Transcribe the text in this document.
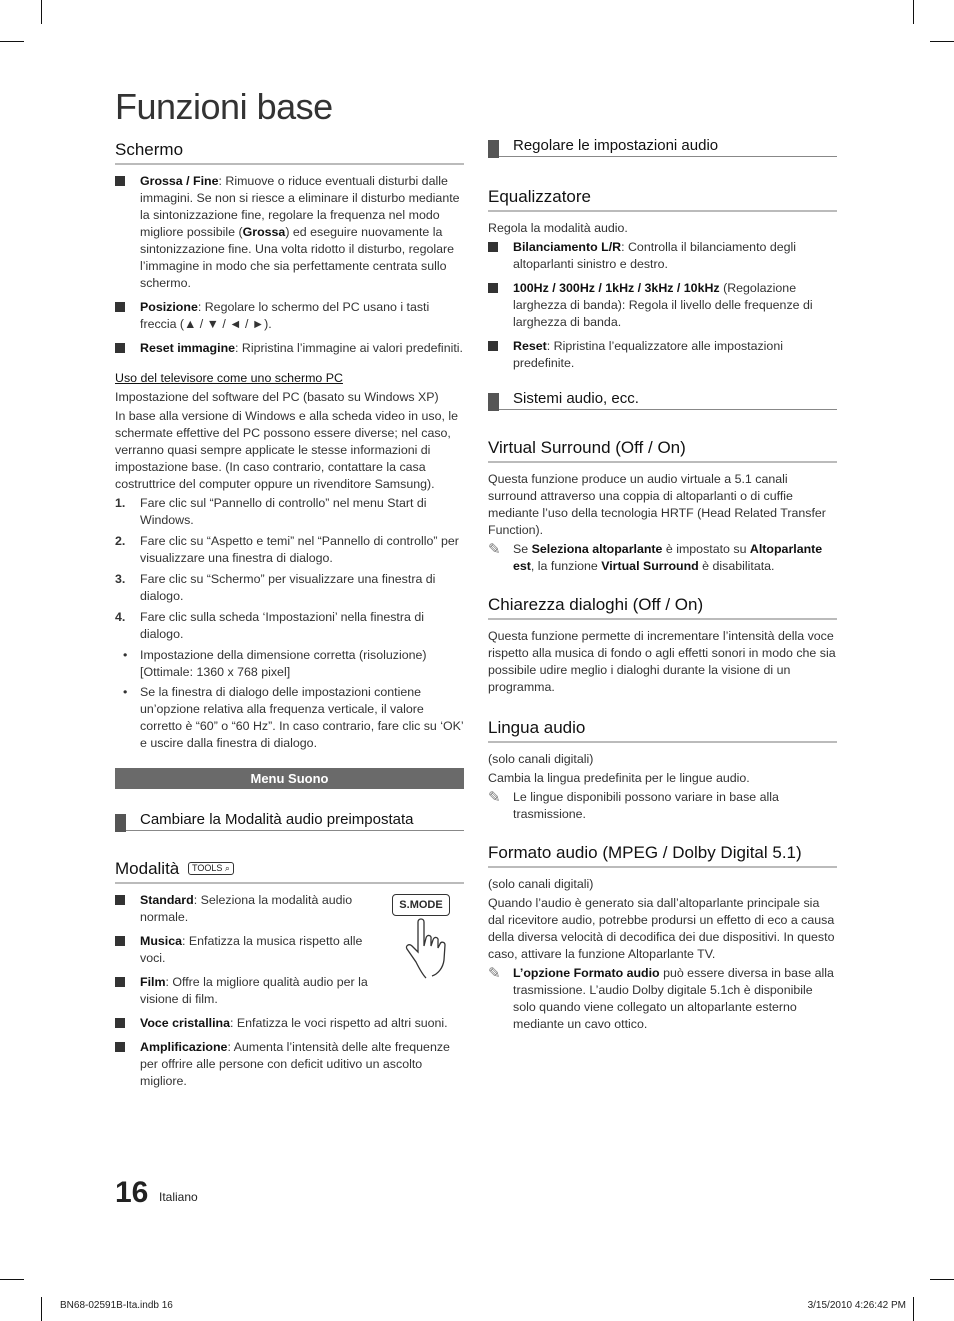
Funzioni base
Schermo
Grossa / Fine: Rimuove o riduce eventuali disturbi dalle immagini. Se non si riesce a eliminare il disturbo mediante la sintonizzazione fine, regolare la frequenza nel modo migliore possibile (Grossa) ed eseguire nuovamente la sintonizzazione fine. Una volta ridotto il disturbo, regolare l’immagine in modo che sia perfettamente centrata sullo schermo.
Posizione: Regolare lo schermo del PC usano i tasti freccia (▲ / ▼ / ◄ / ►).
Reset immagine: Ripristina l’immagine ai valori predefiniti.
Uso del televisore come uno schermo PC
Impostazione del software del PC (basato su Windows XP)
In base alla versione di Windows e alla scheda video in uso, le schermate effettive del PC possono essere diverse; nel caso, verranno quasi sempre applicate le stesse informazioni di impostazione base. (In caso contrario, contattare la casa costruttrice del computer oppure un rivenditore Samsung).
1. Fare clic sul “Pannello di controllo” nel menu Start di Windows.
2. Fare clic su “Aspetto e temi” nel “Pannello di controllo” per visualizzare una finestra di dialogo.
3. Fare clic su “Schermo” per visualizzare una finestra di dialogo.
4. Fare clic sulla scheda ‘Impostazioni’ nella finestra di dialogo.
• Impostazione della dimensione corretta (risoluzione) [Ottimale: 1360 x 768 pixel]
• Se la finestra di dialogo delle impostazioni contiene un’opzione relativa alla frequenza verticale, il valore corretto è “60” o “60 Hz”. In caso contrario, fare clic su ‘OK’ e uscire dalla finestra di dialogo.
Menu Suono
Cambiare la Modalità audio preimpostata
Modalità TOOLS ⌕
S.MODE
Standard: Seleziona la modalità audio normale.
Musica: Enfatizza la musica rispetto alle voci.
Film: Offre la migliore qualità audio per la visione di film.
Voce cristallina: Enfatizza le voci rispetto ad altri suoni.
Amplificazione: Aumenta l’intensità delle alte frequenze per offrire alle persone con deficit uditivo un ascolto migliore.
Regolare le impostazioni audio
Equalizzatore
Regola la modalità audio.
Bilanciamento L/R: Controlla il bilanciamento degli altoparlanti sinistro e destro.
100Hz / 300Hz / 1kHz / 3kHz / 10kHz (Regolazione larghezza di banda): Regola il livello delle frequenze di larghezza di banda.
Reset: Ripristina l’equalizzatore alle impostazioni predefinite.
Sistemi audio, ecc.
Virtual Surround (Off / On)
Questa funzione produce un audio virtuale a 5.1 canali surround attraverso una coppia di altoparlanti o di cuffie mediante l’uso della tecnologia HRTF (Head Related Transfer Function).
✎ Se Seleziona altoparlante è impostato su Altoparlante est, la funzione Virtual Surround è disabilitata.
Chiarezza dialoghi (Off / On)
Questa funzione permette di incrementare l’intensità della voce rispetto alla musica di fondo o agli effetti sonori in modo che sia possibile udire meglio i dialoghi durante la visione di un programma.
Lingua audio
(solo canali digitali)
Cambia la lingua predefinita per le lingue audio.
✎ Le lingue disponibili possono variare in base alla trasmissione.
Formato audio (MPEG / Dolby Digital 5.1)
(solo canali digitali)
Quando l’audio è generato sia dall’altoparlante principale sia dal ricevitore audio, potrebbe prodursi un effetto di eco a causa della diversa velocità di decodifica dei due dispositivi. In questo caso, attivare la funzione Altoparlante TV.
✎ L’opzione Formato audio può essere diversa in base alla trasmissione. L’audio Dolby digitale 5.1ch è disponibile solo quando viene collegato un altoparlante esterno mediante un cavo ottico.
16 Italiano
BN68-02591B-Ita.indb 16	3/15/2010 4:26:42 PM
